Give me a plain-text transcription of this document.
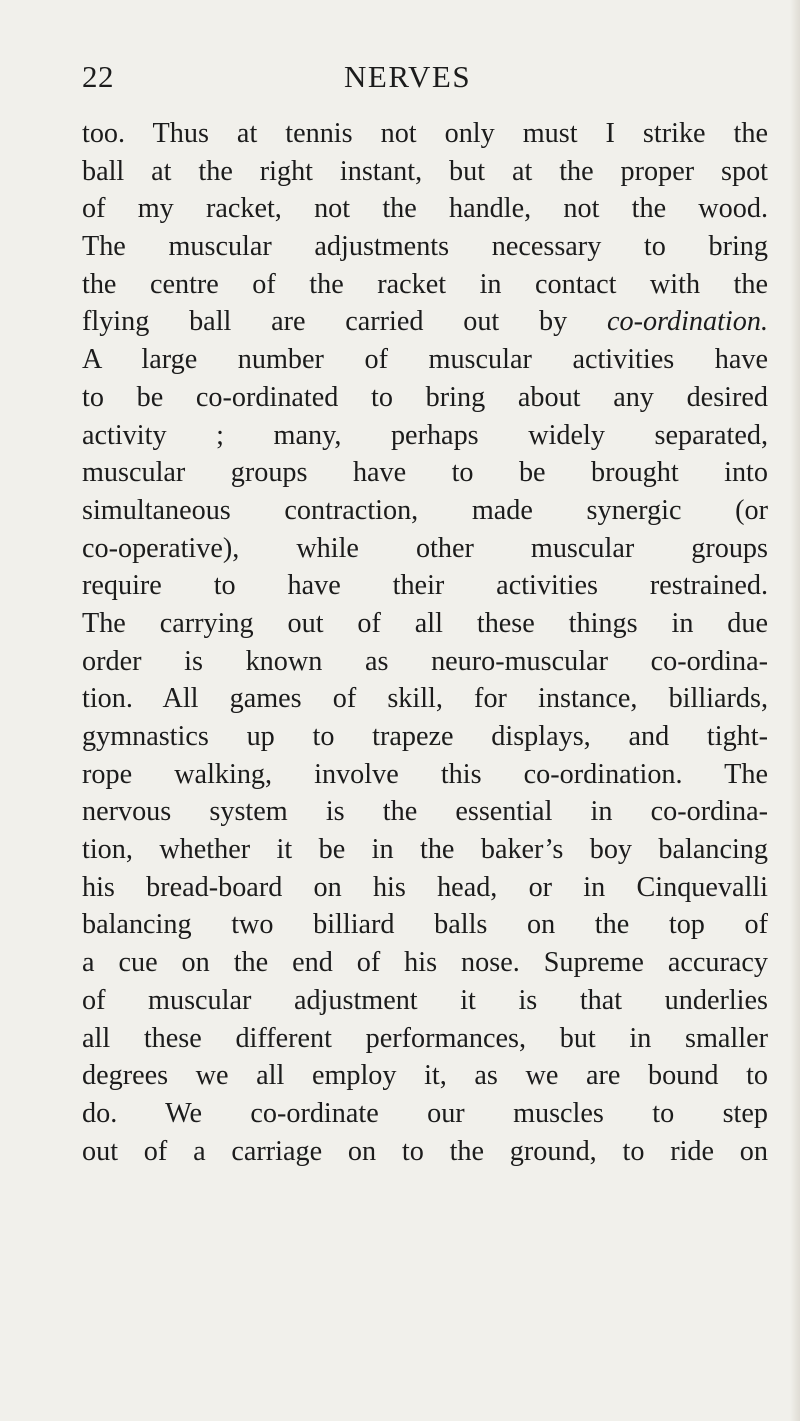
22	NERVES
too. Thus at tennis not only must I strike the
ball at the right instant, but at the proper spot
of my racket, not the handle, not the wood.
The muscular adjustments necessary to bring
the centre of the racket in contact with the
flying ball are carried out by co-ordination.
A large number of muscular activities have
to be co-ordinated to bring about any desired
activity ; many, perhaps widely separated,
muscular groups have to be brought into
simultaneous contraction, made synergic (or
co-operative), while other muscular groups
require to have their activities restrained.
The carrying out of all these things in due
order is known as neuro-muscular co-ordina-
tion. All games of skill, for instance, billiards,
gymnastics up to trapeze displays, and tight-
rope walking, involve this co-ordination. The
nervous system is the essential in co-ordina-
tion, whether it be in the baker’s boy balancing
his bread-board on his head, or in Cinquevalli
balancing two billiard balls on the top of
a cue on the end of his nose. Supreme accuracy
of muscular adjustment it is that underlies
all these different performances, but in smaller
degrees we all employ it, as we are bound to
do. We co-ordinate our muscles to step
out of a carriage on to the ground, to ride on
